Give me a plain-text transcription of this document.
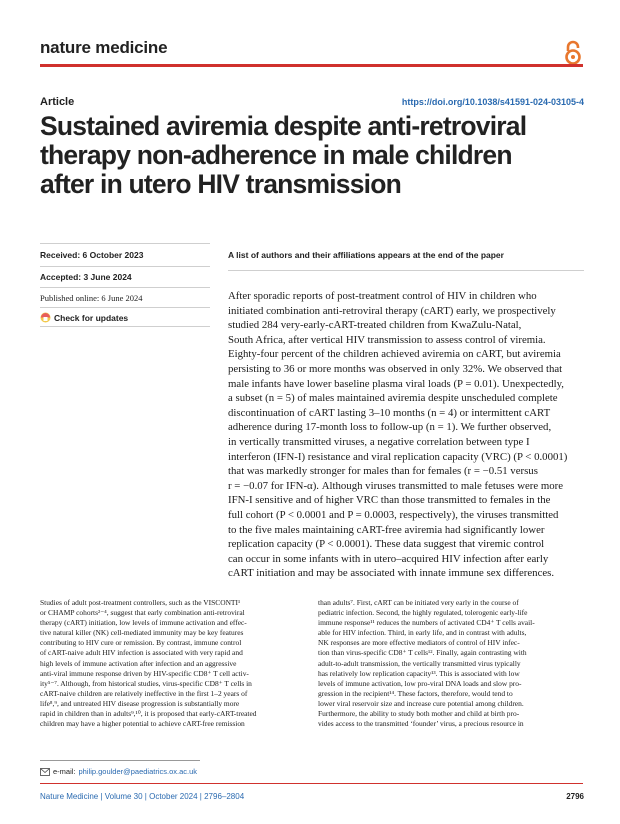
nature medicine
Article	https://doi.org/10.1038/s41591-024-03105-4
Sustained aviremia despite anti-retroviral
therapy non-adherence in male children
after in utero HIV transmission
Received: 6 October 2023
Accepted: 3 June 2024
Published online: 6 June 2024
Check for updates
A list of authors and their affiliations appears at the end of the paper
After sporadic reports of post-treatment control of HIV in children who
initiated combination anti-retroviral therapy (cART) early, we prospectively
studied 284 very-early-cART-treated children from KwaZulu-Natal,
South Africa, after vertical HIV transmission to assess control of viremia.
Eighty-four percent of the children achieved aviremia on cART, but aviremia
persisting to 36 or more months was observed in only 32%. We observed that
male infants have lower baseline plasma viral loads (P = 0.01). Unexpectedly,
a subset (n = 5) of males maintained aviremia despite unscheduled complete
discontinuation of cART lasting 3–10 months (n = 4) or intermittent cART
adherence during 17-month loss to follow-up (n = 1). We further observed,
in vertically transmitted viruses, a negative correlation between type I
interferon (IFN-I) resistance and viral replication capacity (VRC) (P < 0.0001)
that was markedly stronger for males than for females (r = −0.51 versus
r = −0.07 for IFN-α). Although viruses transmitted to male fetuses were more
IFN-I sensitive and of higher VRC than those transmitted to females in the
full cohort (P < 0.0001 and P = 0.0003, respectively), the viruses transmitted
to the five males maintaining cART-free aviremia had significantly lower
replication capacity (P < 0.0001). These data suggest that viremic control
can occur in some infants with in utero–acquired HIV infection after early
cART initiation and may be associated with innate immune sex differences.
Studies of adult post-treatment controllers, such as the VISCONTI¹
or CHAMP cohorts²⁻⁴, suggest that early combination anti-retroviral
therapy (cART) initiation, low levels of immune activation and effec-
tive natural killer (NK) cell-mediated immunity may be key features
contributing to HIV cure or remission. By contrast, immune control
of cART-naive adult HIV infection is associated with very rapid and
high levels of immune activation after infection and an aggressive
anti-viral immune response driven by HIV-specific CD8⁺ T cell activ-
ity⁵⁻⁷. Although, from historical studies, virus-specific CD8⁺ T cells in
cART-naive children are relatively ineffective in the first 1–2 years of
life⁸,⁹, and untreated HIV disease progression is substantially more
rapid in children than in adults⁹,¹⁰, it is proposed that early-cART-treated
children may have a higher potential to achieve cART-free remission
than adults⁷. First, cART can be initiated very early in the course of
pediatric infection. Second, the highly regulated, tolerogenic early-life
immune response¹¹ reduces the numbers of activated CD4⁺ T cells avail-
able for HIV infection. Third, in early life, and in contrast with adults,
NK responses are more effective mediators of control of HIV infec-
tion than virus-specific CD8⁺ T cells¹². Finally, again contrasting with
adult-to-adult transmission, the vertically transmitted virus typically
has relatively low replication capacity¹³. This is associated with low
levels of immune activation, low pro-viral DNA loads and slow pro-
gression in the recipient¹⁴. These factors, therefore, would tend to
lower viral reservoir size and increase cure potential among children.
Furthermore, the ability to study both mother and child at birth pro-
vides access to the transmitted ‘founder’ virus, a precious resource in
e-mail: philip.goulder@paediatrics.ox.ac.uk
Nature Medicine | Volume 30 | October 2024 | 2796–2804	2796
